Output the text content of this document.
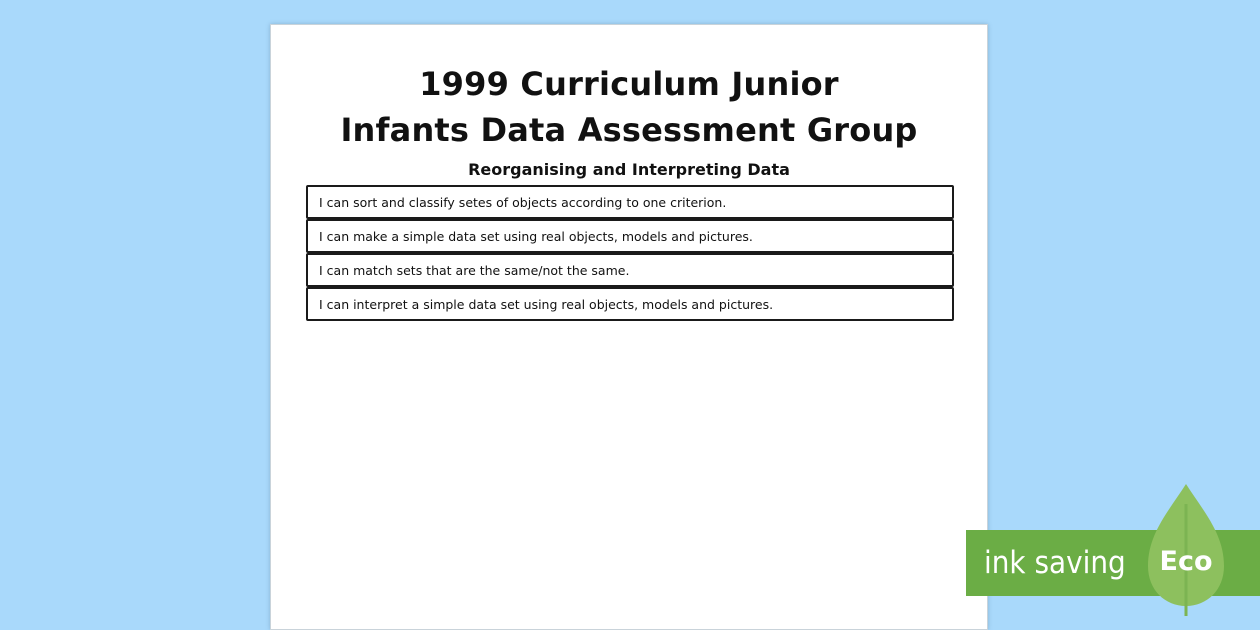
1999 Curriculum Junior
Infants Data Assessment Group
Reorganising and Interpreting Data
I can sort and classify setes of objects according to one criterion.
I can make a simple data set using real objects, models and pictures.
I can match sets that are the same/not the same.
I can interpret a simple data set using real objects, models and pictures.
ink saving	Eco
